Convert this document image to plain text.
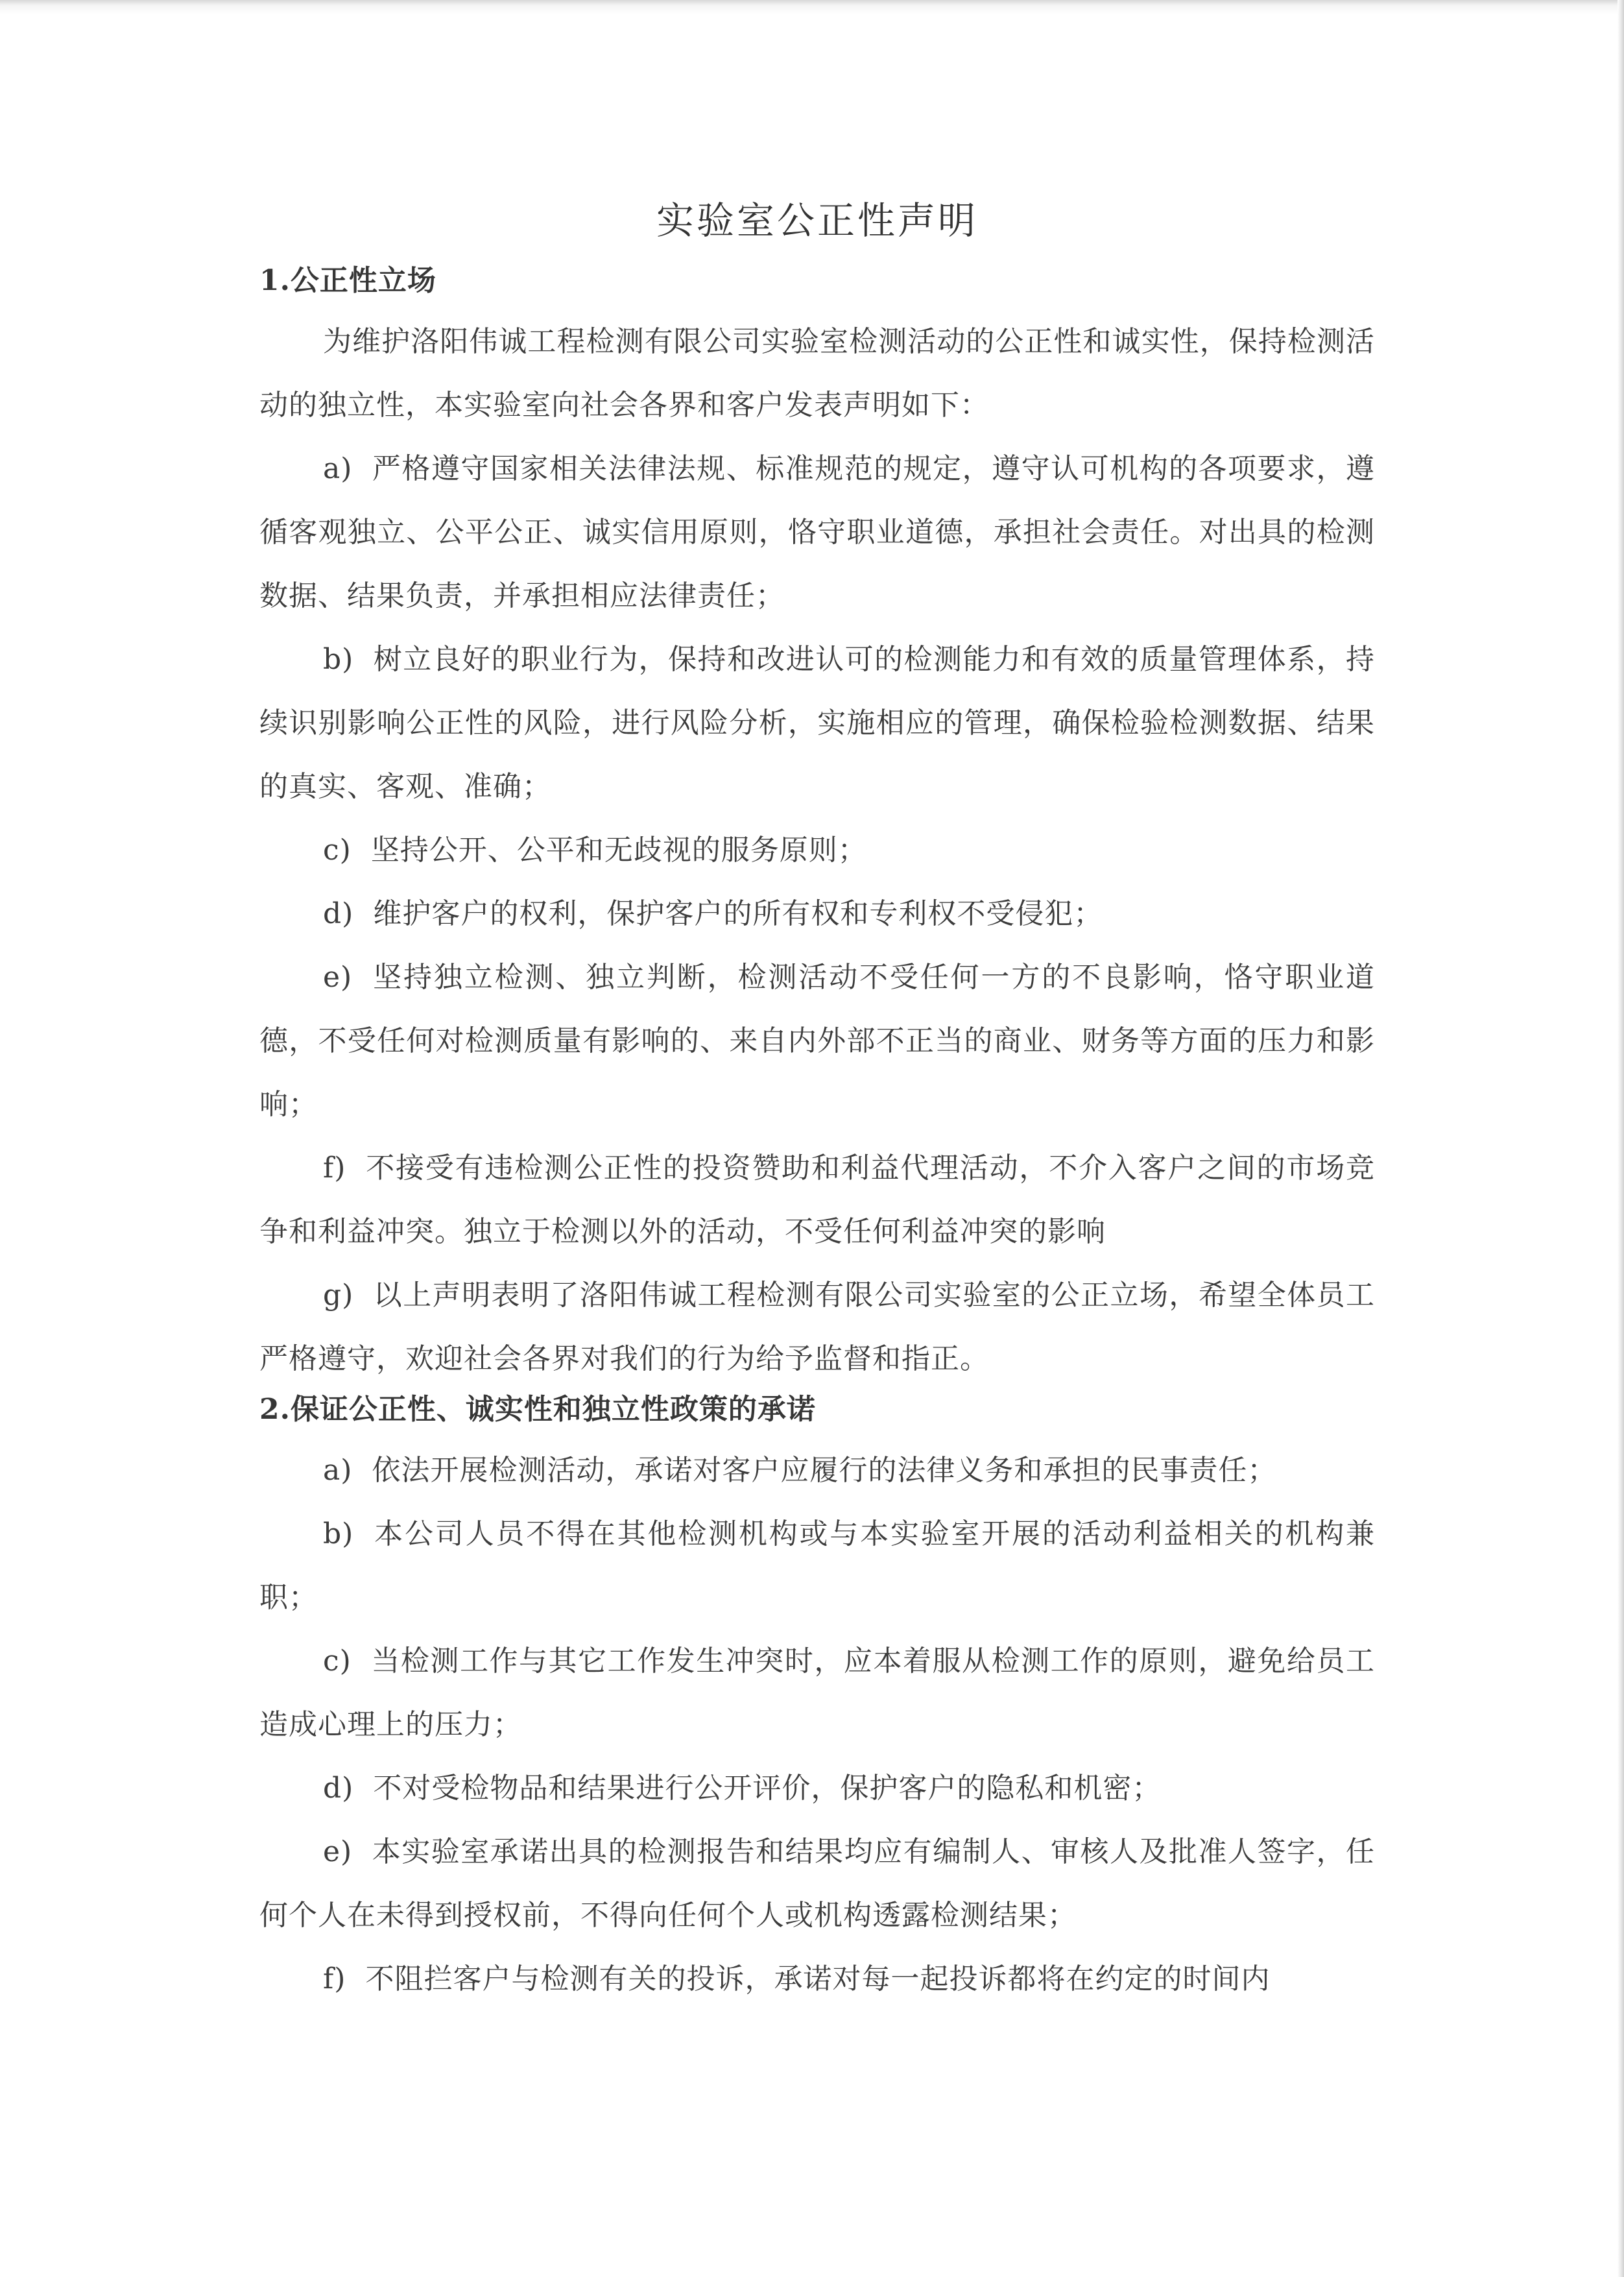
实验室公正性声明
1.公正性立场

为维护洛阳伟诚工程检测有限公司实验室检测活动的公正性和诚实性，保持检测活动的独立性，本实验室向社会各界和客户发表声明如下：

a) 严格遵守国家相关法律法规、标准规范的规定，遵守认可机构的各项要求，遵循客观独立、公平公正、诚实信用原则，恪守职业道德，承担社会责任。对出具的检测数据、结果负责，并承担相应法律责任；

b) 树立良好的职业行为，保持和改进认可的检测能力和有效的质量管理体系，持续识别影响公正性的风险，进行风险分析，实施相应的管理，确保检验检测数据、结果的真实、客观、准确；

c) 坚持公开、公平和无歧视的服务原则；

d) 维护客户的权利，保护客户的所有权和专利权不受侵犯；

e) 坚持独立检测、独立判断，检测活动不受任何一方的不良影响，恪守职业道德，不受任何对检测质量有影响的、来自内外部不正当的商业、财务等方面的压力和影响；

f) 不接受有违检测公正性的投资赞助和利益代理活动，不介入客户之间的市场竞争和利益冲突。独立于检测以外的活动，不受任何利益冲突的影响

g) 以上声明表明了洛阳伟诚工程检测有限公司实验室的公正立场，希望全体员工严格遵守，欢迎社会各界对我们的行为给予监督和指正。

2.保证公正性、诚实性和独立性政策的承诺

a) 依法开展检测活动，承诺对客户应履行的法律义务和承担的民事责任；

b) 本公司人员不得在其他检测机构或与本实验室开展的活动利益相关的机构兼职；

c) 当检测工作与其它工作发生冲突时，应本着服从检测工作的原则，避免给员工造成心理上的压力；

d) 不对受检物品和结果进行公开评价，保护客户的隐私和机密；

e) 本实验室承诺出具的检测报告和结果均应有编制人、审核人及批准人签字，任何个人在未得到授权前，不得向任何个人或机构透露检测结果；

f) 不阻拦客户与检测有关的投诉，承诺对每一起投诉都将在约定的时间内
